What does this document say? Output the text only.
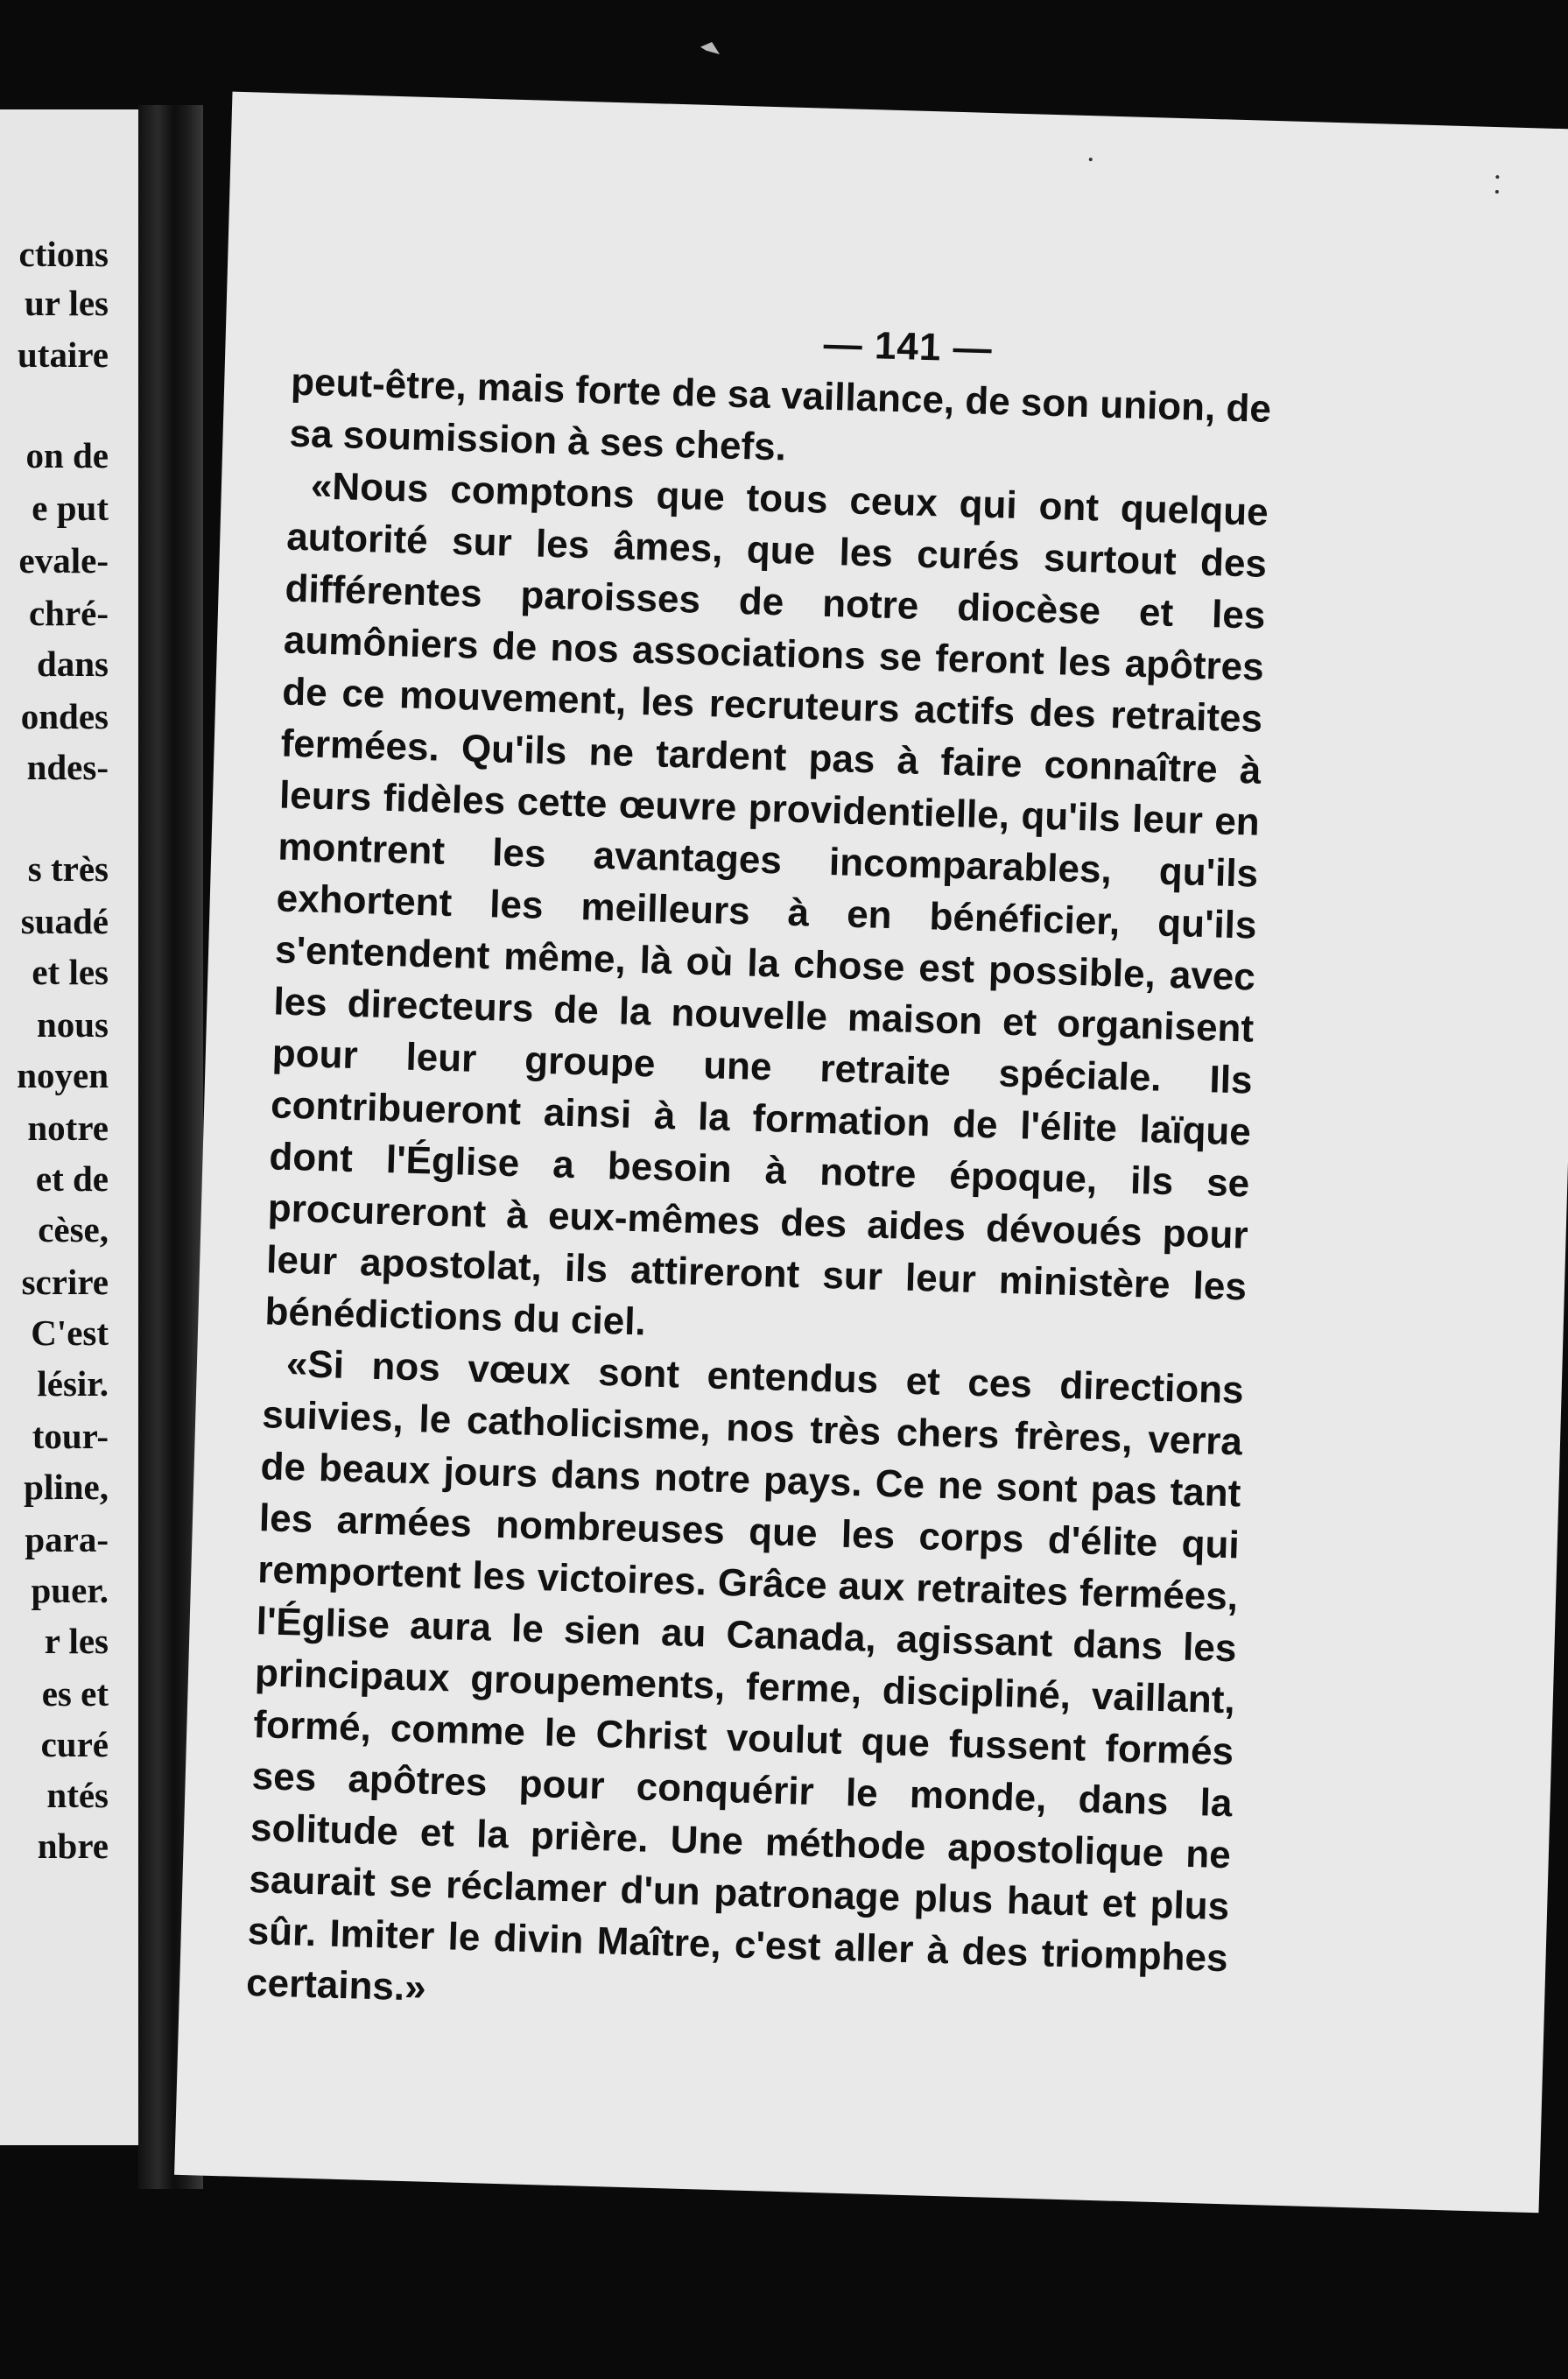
ctions
ur les
utaire
on de
e put
evale-
chré-
dans
ondes
ndes-
s très
suadé
et les
nous
noyen
notre
et de
cèse,
scrire
C'est
lésir.
tour-
pline,
para-
puer.
r les
es et
curé
ntés
nbre
— 141 —

peut-être, mais forte de sa vaillance, de son union, de sa soumission à ses chefs.

«Nous comptons que tous ceux qui ont quelque autorité sur les âmes, que les curés surtout des différentes paroisses de notre diocèse et les aumôniers de nos associations se feront les apôtres de ce mouvement, les recruteurs actifs des retraites fermées. Qu'ils ne tardent pas à faire connaître à leurs fidèles cette œuvre providentielle, qu'ils leur en montrent les avantages incomparables, qu'ils exhortent les meilleurs à en bénéficier, qu'ils s'entendent même, là où la chose est possible, avec les directeurs de la nouvelle maison et organisent pour leur groupe une retraite spéciale. Ils contribueront ainsi à la formation de l'élite laïque dont l'Église a besoin à notre époque, ils se procureront à eux-mêmes des aides dévoués pour leur apostolat, ils attireront sur leur ministère les bénédictions du ciel.

«Si nos vœux sont entendus et ces directions suivies, le catholicisme, nos très chers frères, verra de beaux jours dans notre pays. Ce ne sont pas tant les armées nombreuses que les corps d'élite qui remportent les victoires. Grâce aux retraites fermées, l'Église aura le sien au Canada, agissant dans les principaux groupements, ferme, discipliné, vaillant, formé, comme le Christ voulut que fussent formés ses apôtres pour conquérir le monde, dans la solitude et la prière. Une méthode apostolique ne saurait se réclamer d'un patronage plus haut et plus sûr. Imiter le divin Maître, c'est aller à des triomphes certains.»
